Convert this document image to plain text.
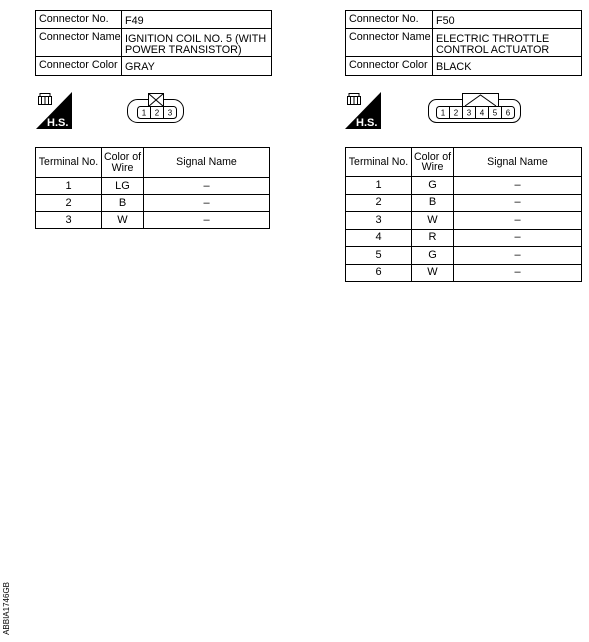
Connector No.	F49
Connector Name	IGNITION COIL NO. 5 (WITH POWER TRANSISTOR)
Connector Color	GRAY
H.S.
1 2 3
Terminal No.	Color of Wire	Signal Name
1	LG	–
2	B	–
3	W	–
Connector No.	F50
Connector Name	ELECTRIC THROTTLE CONTROL ACTUATOR
Connector Color	BLACK
H.S.
1 2 3 4 5 6
Terminal No.	Color of Wire	Signal Name
1	G	–
2	B	–
3	W	–
4	R	–
5	G	–
6	W	–
ABBIA1746GB
